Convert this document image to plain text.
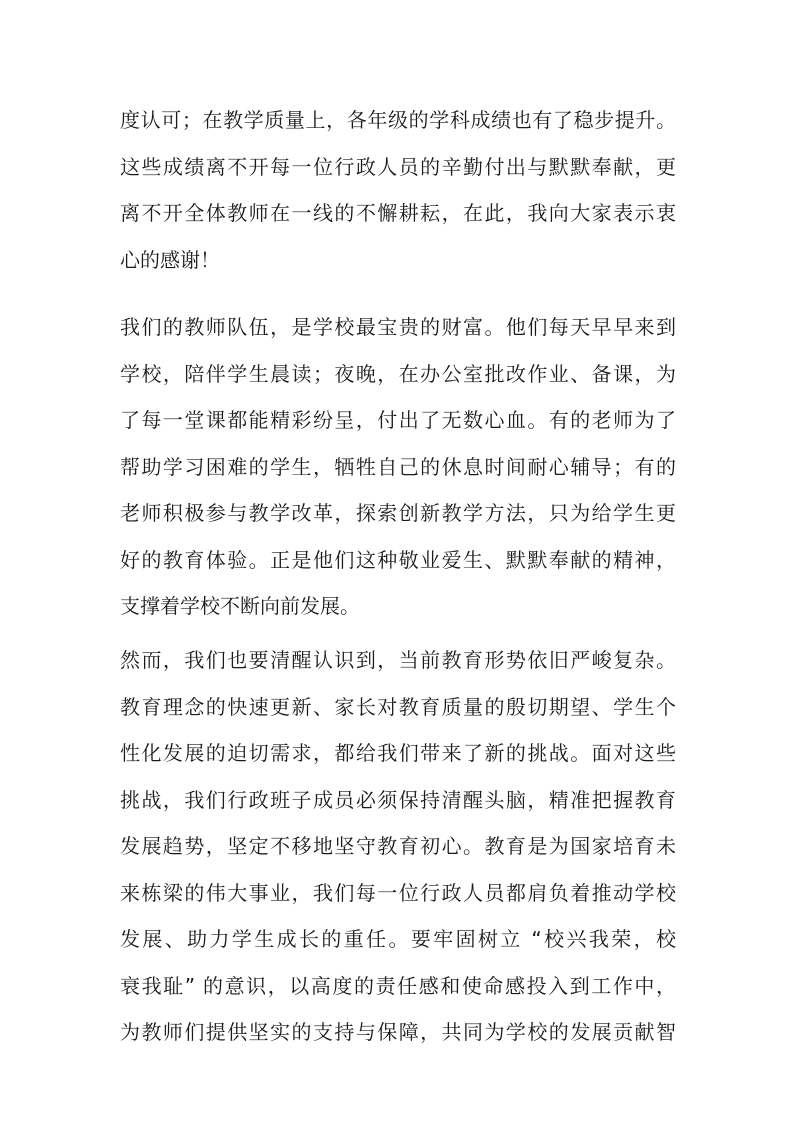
度认可；在教学质量上，各年级的学科成绩也有了稳步提升。
这些成绩离不开每一位行政人员的辛勤付出与默默奉献，更
离不开全体教师在一线的不懈耕耘，在此，我向大家表示衷
心的感谢！
我们的教师队伍，是学校最宝贵的财富。他们每天早早来到
学校，陪伴学生晨读；夜晚，在办公室批改作业、备课，为
了每一堂课都能精彩纷呈，付出了无数心血。有的老师为了
帮助学习困难的学生，牺牲自己的休息时间耐心辅导；有的
老师积极参与教学改革，探索创新教学方法，只为给学生更
好的教育体验。正是他们这种敬业爱生、默默奉献的精神，
支撑着学校不断向前发展。
然而，我们也要清醒认识到，当前教育形势依旧严峻复杂。
教育理念的快速更新、家长对教育质量的殷切期望、学生个
性化发展的迫切需求，都给我们带来了新的挑战。面对这些
挑战，我们行政班子成员必须保持清醒头脑，精准把握教育
发展趋势，坚定不移地坚守教育初心。教育是为国家培育未
来栋梁的伟大事业，我们每一位行政人员都肩负着推动学校
发展、助力学生成长的重任。要牢固树立 “校兴我荣，校
衰我耻” 的意识，以高度的责任感和使命感投入到工作中，
为教师们提供坚实的支持与保障，共同为学校的发展贡献智
